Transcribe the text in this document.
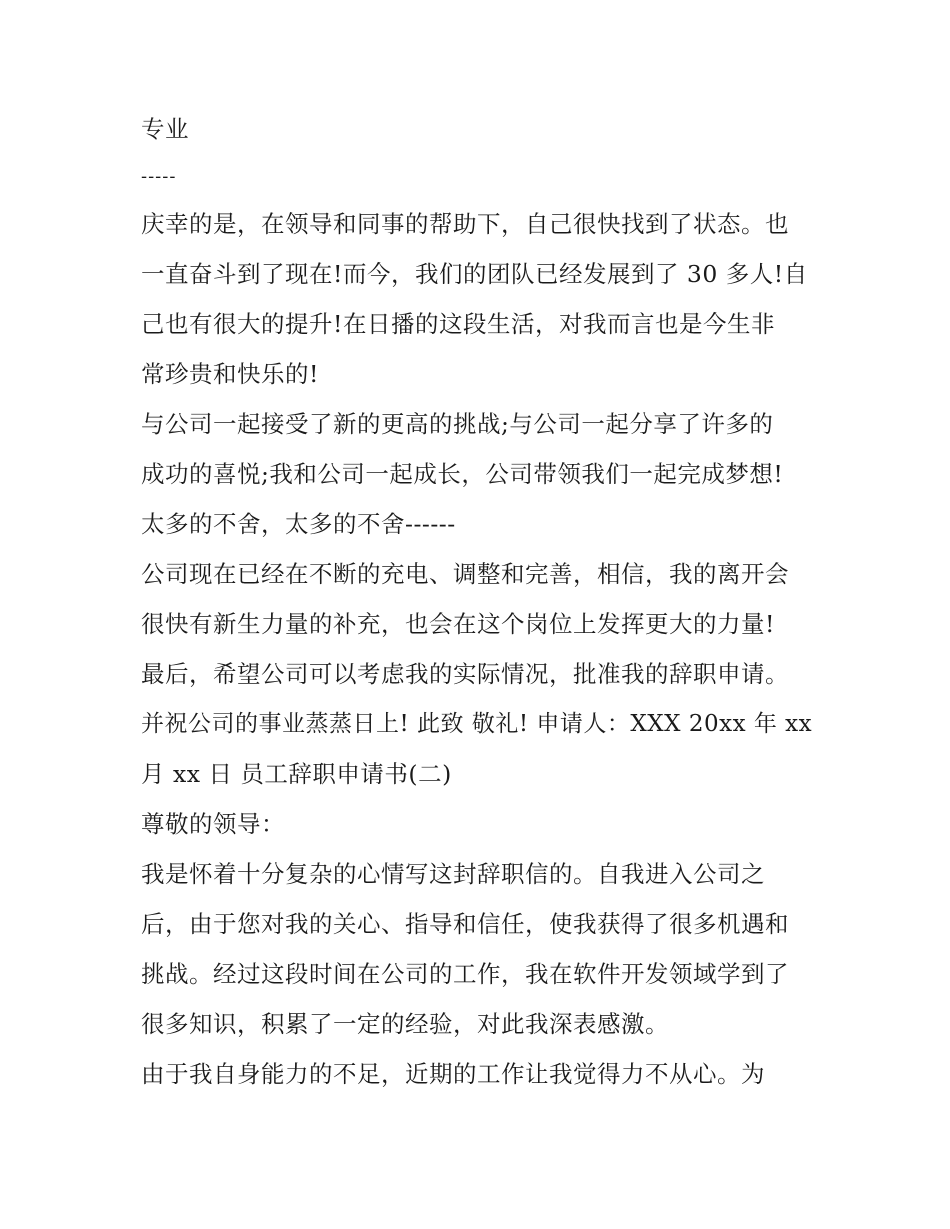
专业
-----
庆幸的是，在领导和同事的帮助下，自己很快找到了状态。也
一直奋斗到了现在!而今，我们的团队已经发展到了 30 多人!自
己也有很大的提升!在日播的这段生活，对我而言也是今生非
常珍贵和快乐的!
与公司一起接受了新的更高的挑战;与公司一起分享了许多的
成功的喜悦;我和公司一起成长，公司带领我们一起完成梦想!
太多的不舍，太多的不舍------
公司现在已经在不断的充电、调整和完善，相信，我的离开会
很快有新生力量的补充，也会在这个岗位上发挥更大的力量!
最后，希望公司可以考虑我的实际情况，批准我的辞职申请。
并祝公司的事业蒸蒸日上! 此致 敬礼! 申请人：XXX 20xx 年 xx
月 xx 日 员工辞职申请书(二)
尊敬的领导：
我是怀着十分复杂的心情写这封辞职信的。自我进入公司之
后，由于您对我的关心、指导和信任，使我获得了很多机遇和
挑战。经过这段时间在公司的工作，我在软件开发领域学到了
很多知识，积累了一定的经验，对此我深表感激。
由于我自身能力的不足，近期的工作让我觉得力不从心。为
